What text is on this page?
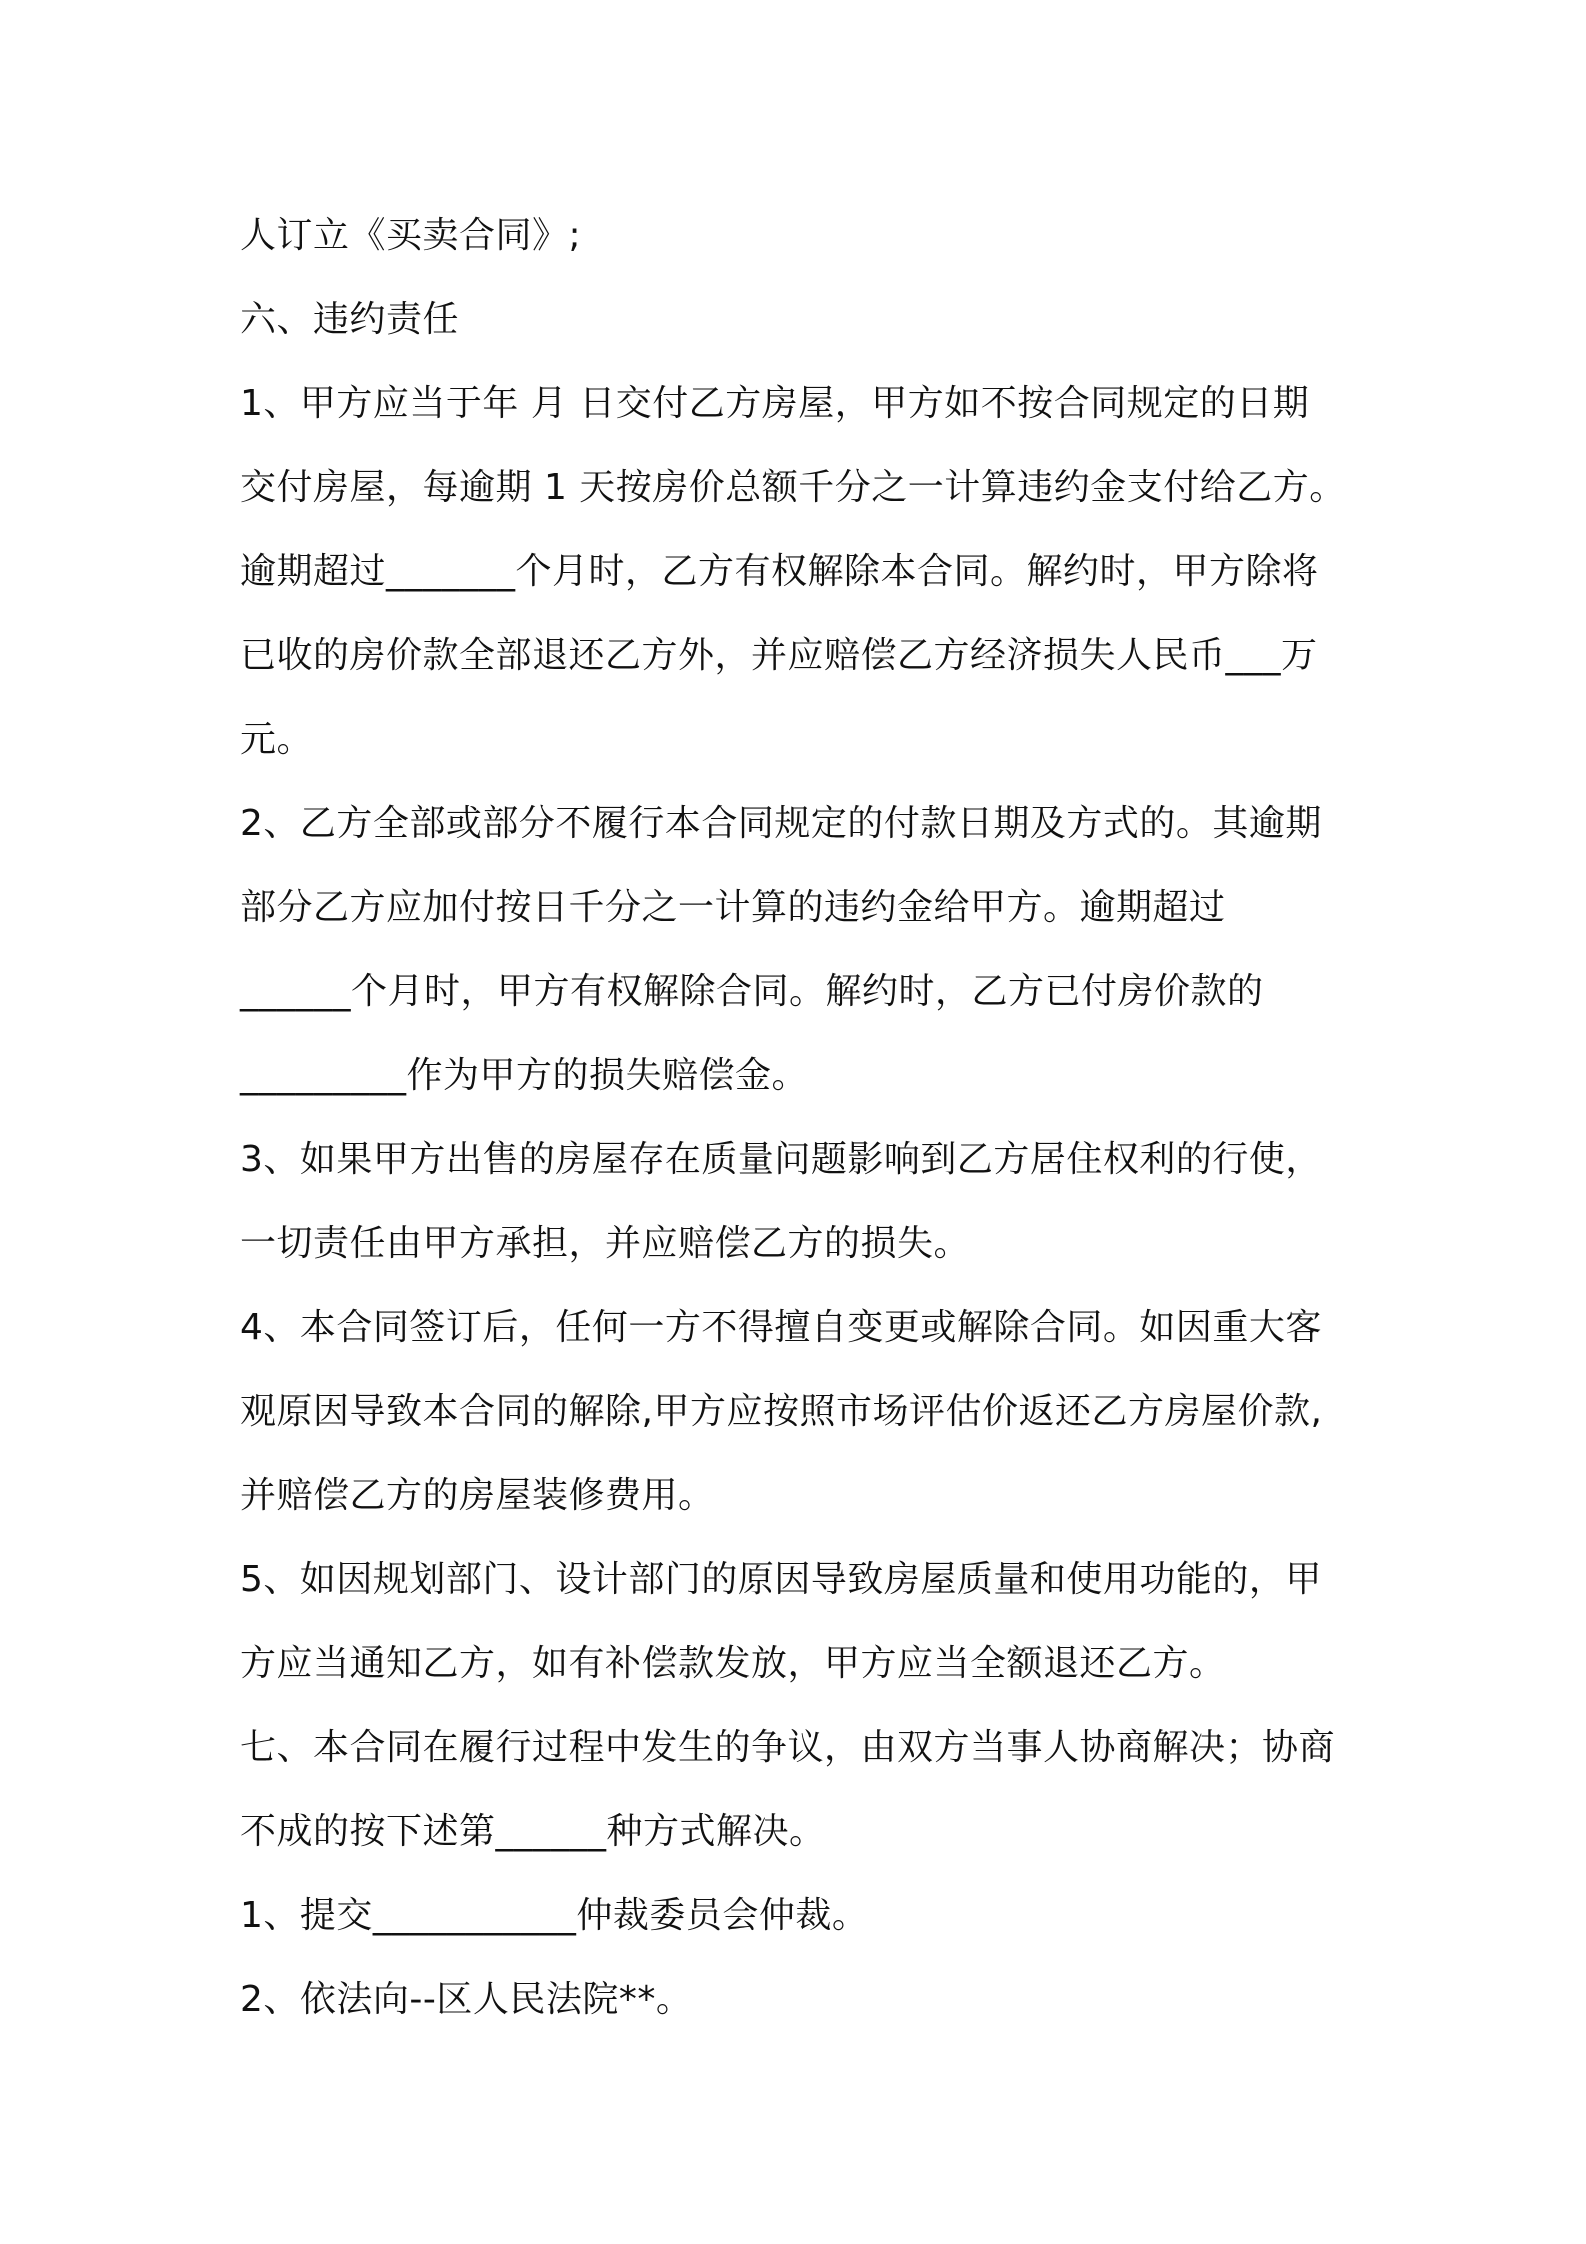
人订立《买卖合同》;
六、违约责任
1、甲方应当于年 月 日交付乙方房屋，甲方如不按合同规定的日期
交付房屋，每逾期 1 天按房价总额千分之一计算违约金支付给乙方。
逾期超过_______个月时，乙方有权解除本合同。解约时，甲方除将
已收的房价款全部退还乙方外，并应赔偿乙方经济损失人民币___万
元。
2、乙方全部或部分不履行本合同规定的付款日期及方式的。其逾期
部分乙方应加付按日千分之一计算的违约金给甲方。逾期超过
______个月时，甲方有权解除合同。解约时，乙方已付房价款的
_________作为甲方的损失赔偿金。
3、如果甲方出售的房屋存在质量问题影响到乙方居住权利的行使，
一切责任由甲方承担，并应赔偿乙方的损失。
4、本合同签订后，任何一方不得擅自变更或解除合同。如因重大客
观原因导致本合同的解除,甲方应按照市场评估价返还乙方房屋价款,
并赔偿乙方的房屋装修费用。
5、如因规划部门、设计部门的原因导致房屋质量和使用功能的，甲
方应当通知乙方，如有补偿款发放，甲方应当全额退还乙方。
七、本合同在履行过程中发生的争议，由双方当事人协商解决；协商
不成的按下述第______种方式解决。
1、提交___________仲裁委员会仲裁。
2、依法向--区人民法院**。
